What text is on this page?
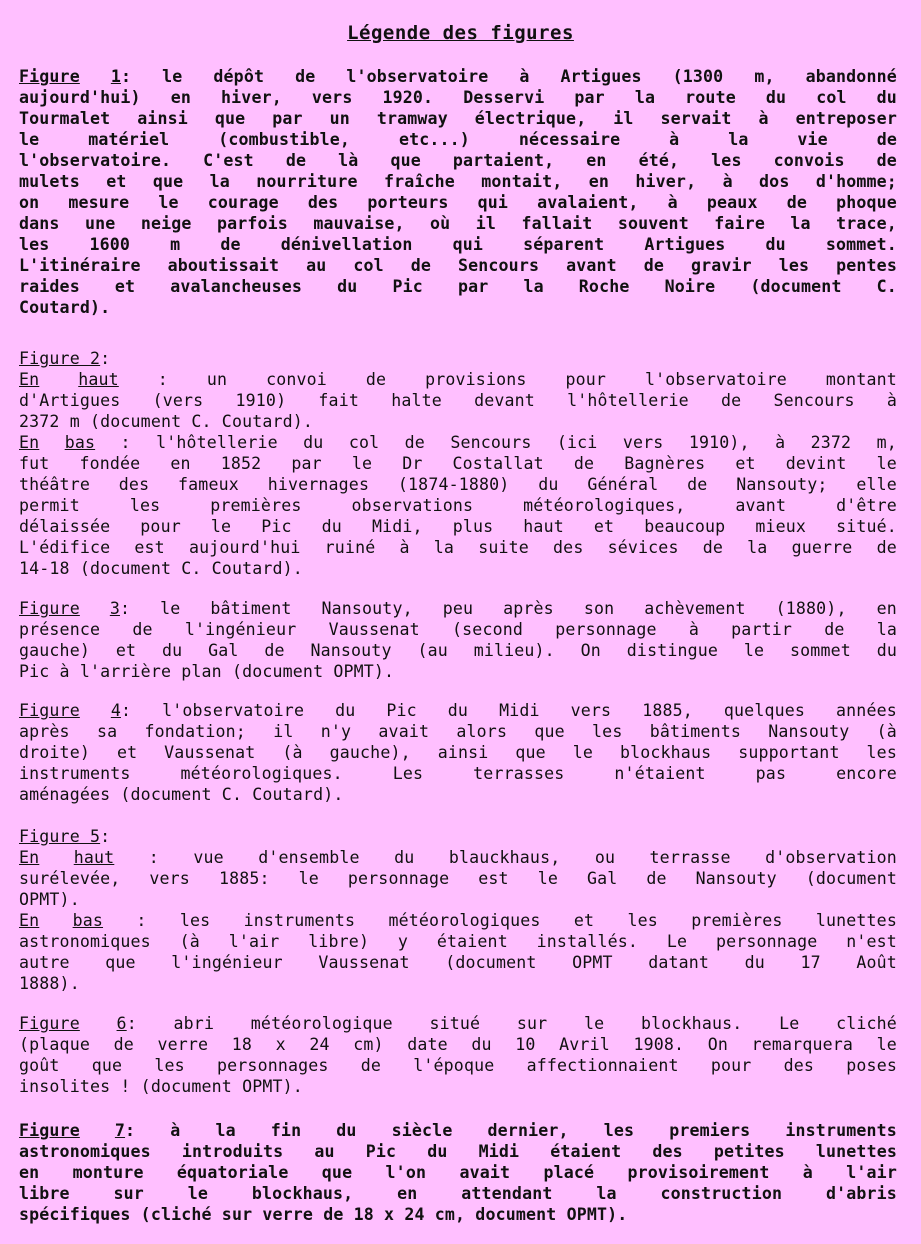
Légende des figures
Figure 1: le dépôt de l'observatoire à Artigues (1300 m, abandonné
aujourd'hui) en hiver, vers 1920. Desservi par la route du col du
Tourmalet ainsi que par un tramway électrique, il servait à entreposer
le	matériel	(combustible,	etc...)	nécessaire	à	la	vie	de
l'observatoire. C'est de là que partaient, en été, les convois de
mulets et que la nourriture fraîche montait, en hiver, à dos d'homme;
on mesure le courage des porteurs qui avalaient, à peaux de phoque
dans une neige parfois mauvaise, où il fallait souvent faire la trace,
les 1600 m de dénivellation qui séparent Artigues du sommet.
L'itinéraire aboutissait au col de Sencours avant de gravir les pentes
raides et avalancheuses du Pic par la Roche Noire (document C.
Coutard).
Figure 2:
En haut : un convoi de provisions pour l'observatoire montant
d'Artigues (vers 1910) fait halte devant l'hôtellerie de Sencours à
2372 m (document C. Coutard).
En bas : l'hôtellerie du col de Sencours (ici vers 1910), à 2372 m,
fut fondée en 1852 par le Dr Costallat de Bagnères et devint le
théâtre des fameux hivernages (1874-1880) du Général de Nansouty; elle
permit	les	premières	observations	météorologiques,	avant	d'être
délaissée pour le Pic du Midi, plus haut et beaucoup mieux situé.
L'édifice est aujourd'hui ruiné à la suite des sévices de la guerre de
14-18 (document C. Coutard).
Figure 3: le bâtiment Nansouty, peu après son achèvement (1880), en
présence de l'ingénieur Vaussenat (second personnage à partir de la
gauche) et du Gal de Nansouty (au milieu). On distingue le sommet du
Pic à l'arrière plan (document OPMT).
Figure 4: l'observatoire du Pic du Midi vers 1885, quelques années
après sa fondation; il n'y avait alors que les bâtiments Nansouty (à
droite) et Vaussenat (à gauche), ainsi que le blockhaus supportant les
instruments	météorologiques.	Les	terrasses	n'étaient	pas	encore
aménagées (document C. Coutard).
Figure 5:
En haut : vue d'ensemble du blauckhaus, ou terrasse d'observation
surélevée, vers 1885: le personnage est le Gal de Nansouty (document
OPMT).
En bas : les instruments météorologiques et les premières lunettes
astronomiques (à l'air libre) y étaient installés. Le personnage n'est
autre que l'ingénieur Vaussenat (document OPMT datant du 17 Août
1888).
Figure 6: abri météorologique situé sur le blockhaus. Le cliché
(plaque de verre 18 x 24 cm) date du 10 Avril 1908. On remarquera le
goût que les personnages de l'époque affectionnaient pour des poses
insolites ! (document OPMT).
Figure 7: à la fin du siècle dernier, les premiers instruments
astronomiques introduits au Pic du Midi étaient des petites lunettes
en monture équatoriale que l'on avait placé provisoirement à l'air
libre	sur	le	blockhaus,	en	attendant	la	construction	d'abris
spécifiques (cliché sur verre de 18 x 24 cm, document OPMT).
